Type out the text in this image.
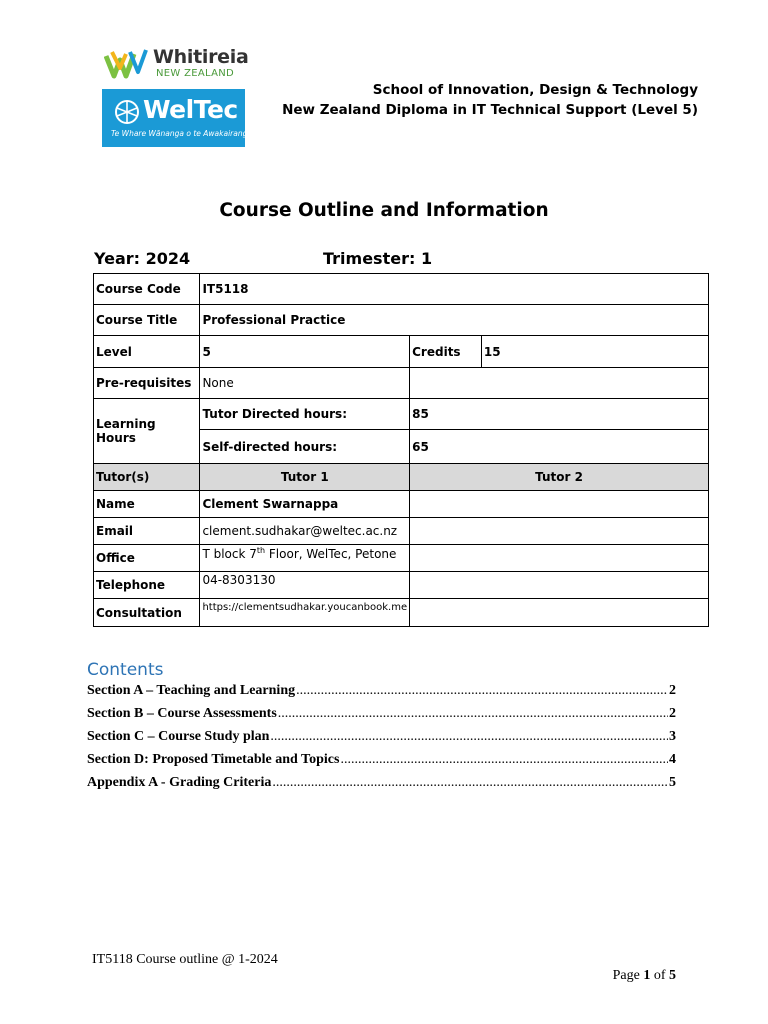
Whitireia
NEW ZEALAND
WelTec
Te Whare Wānanga o te Awakairangi
School of Innovation, Design & Technology
New Zealand Diploma in IT Technical Support (Level 5)
Course Outline and Information
Year: 2024	Trimester: 1
Course Code	IT5118		
Course Title	Professional Practice		
Level	5	Credits	15
Pre-requisites	None		
Learning Hours	Tutor Directed hours:	85	
	Self-directed hours:	65	
Tutor(s)	Tutor 1	Tutor 2	
Name	Clement Swarnappa		
Email	clement.sudhakar@weltec.ac.nz		
Office	T block 7th Floor, WelTec, Petone		
Telephone	04-8303130		
Consultation	https://clementsudhakar.youcanbook.me		
Contents
Section A – Teaching and Learning .....	2
Section B – Course Assessments .....	2
Section C – Course Study plan .....	3
Section D: Proposed Timetable and Topics .....	4
Appendix A - Grading Criteria .....	5
IT5118 Course outline @ 1-2024
Page 1 of 5
